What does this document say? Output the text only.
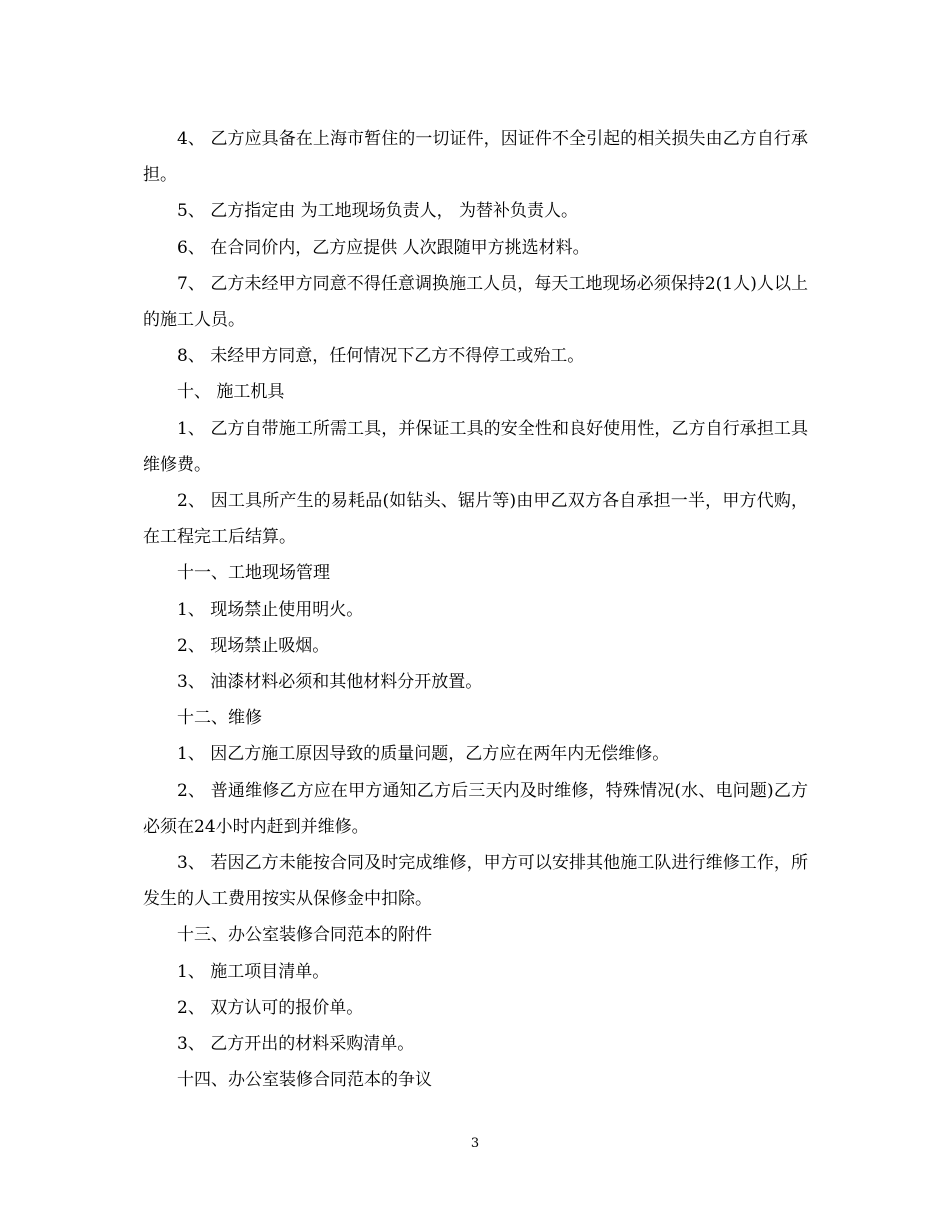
4、 乙方应具备在上海市暂住的一切证件，因证件不全引起的相关损失由乙方自行承担。

5、 乙方指定由 为工地现场负责人， 为替补负责人。

6、 在合同价内，乙方应提供 人次跟随甲方挑选材料。

7、 乙方未经甲方同意不得任意调换施工人员，每天工地现场必须保持2(1人)人以上的施工人员。

8、 未经甲方同意，任何情况下乙方不得停工或殆工。

十、 施工机具

1、 乙方自带施工所需工具，并保证工具的安全性和良好使用性，乙方自行承担工具维修费。

2、 因工具所产生的易耗品(如钻头、锯片等)由甲乙双方各自承担一半，甲方代购，在工程完工后结算。

十一、工地现场管理

1、 现场禁止使用明火。

2、 现场禁止吸烟。

3、 油漆材料必须和其他材料分开放置。

十二、维修

1、 因乙方施工原因导致的质量问题，乙方应在两年内无偿维修。

2、 普通维修乙方应在甲方通知乙方后三天内及时维修，特殊情况(水、电问题)乙方必须在24小时内赶到并维修。

3、 若因乙方未能按合同及时完成维修，甲方可以安排其他施工队进行维修工作，所发生的人工费用按实从保修金中扣除。

十三、办公室装修合同范本的附件

1、 施工项目清单。

2、 双方认可的报价单。

3、 乙方开出的材料采购清单。

十四、办公室装修合同范本的争议

3
